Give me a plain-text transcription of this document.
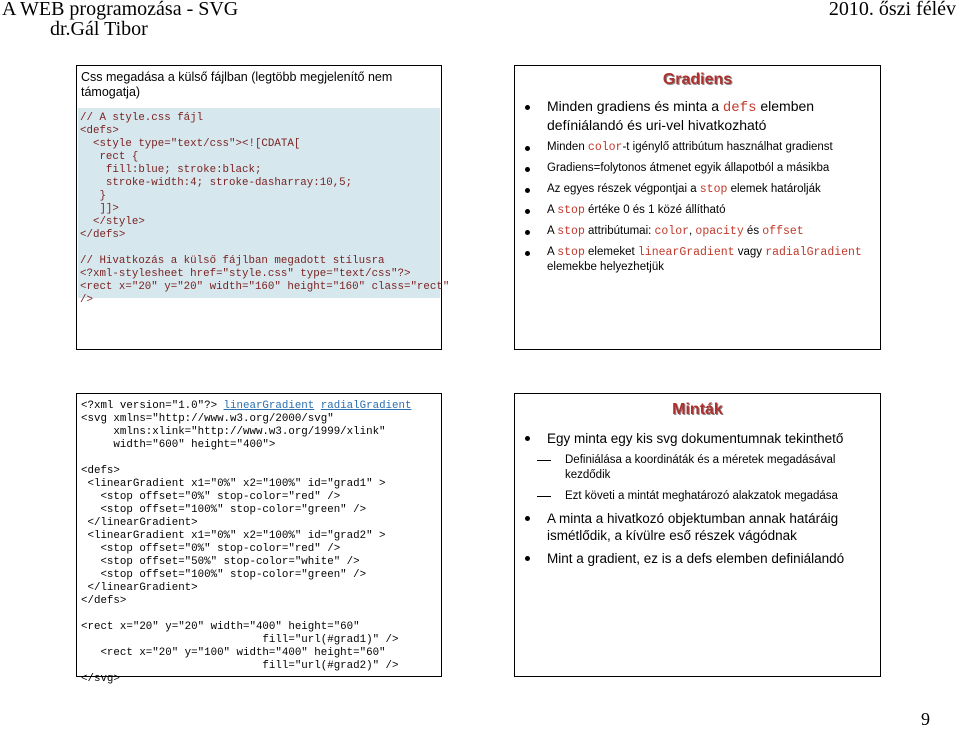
A WEB programozása - SVG
dr.Gál Tibor
2010. őszi félév
Css megadása a külső fájlban (legtöbb megjelenítő nem támogatja)
// A style.css fájl
<defs>
<style type="text/css"><![CDATA[
rect {
fill:blue; stroke:black;
stroke-width:4; stroke-dasharray:10,5;
}
]]>
</style>
</defs>

// Hivatkozás a külső fájlban megadott stílusra
<?xml-stylesheet href="style.css" type="text/css"?>
<rect x="20" y="20" width="160" height="160" class="rect"
/>
Gradiens
Minden gradiens és minta a defs elemben defíniálandó és uri-vel hivatkozható
Minden color-t igénylő attribútum használhat gradienst
Gradiens=folytonos átmenet egyik állapotból a másikba
Az egyes részek végpontjai a stop elemek határolják
A stop értéke 0 és 1 közé állítható
A stop attribútumai: color, opacity és offset
A stop elemeket linearGradient vagy radialGradient elemekbe helyezhetjük
<?xml version="1.0"?> linearGradient radialGradient
<svg xmlns="http://www.w3.org/2000/svg"
xmlns:xlink="http://www.w3.org/1999/xlink"
width="600" height="400">

<defs>
<linearGradient x1="0%" x2="100%" id="grad1" >
<stop offset="0%" stop-color="red" />
<stop offset="100%" stop-color="green" />
</linearGradient>
<linearGradient x1="0%" x2="100%" id="grad2" >
<stop offset="0%" stop-color="red" />
<stop offset="50%" stop-color="white" />
<stop offset="100%" stop-color="green" />
</linearGradient>
</defs>

<rect x="20" y="20" width="400" height="60"
fill="url(#grad1)" />
<rect x="20" y="100" width="400" height="60"
fill="url(#grad2)" />
</svg>
Minták
Egy minta egy kis svg dokumentumnak tekinthető
Definiálása a koordináták és a méretek megadásával kezdődik
Ezt követi a mintát meghatározó alakzatok megadása
A minta a hivatkozó objektumban annak határáig ismétlődik, a kívülre eső részek vágódnak
Mint a gradient, ez is a defs elemben definiálandó
9
